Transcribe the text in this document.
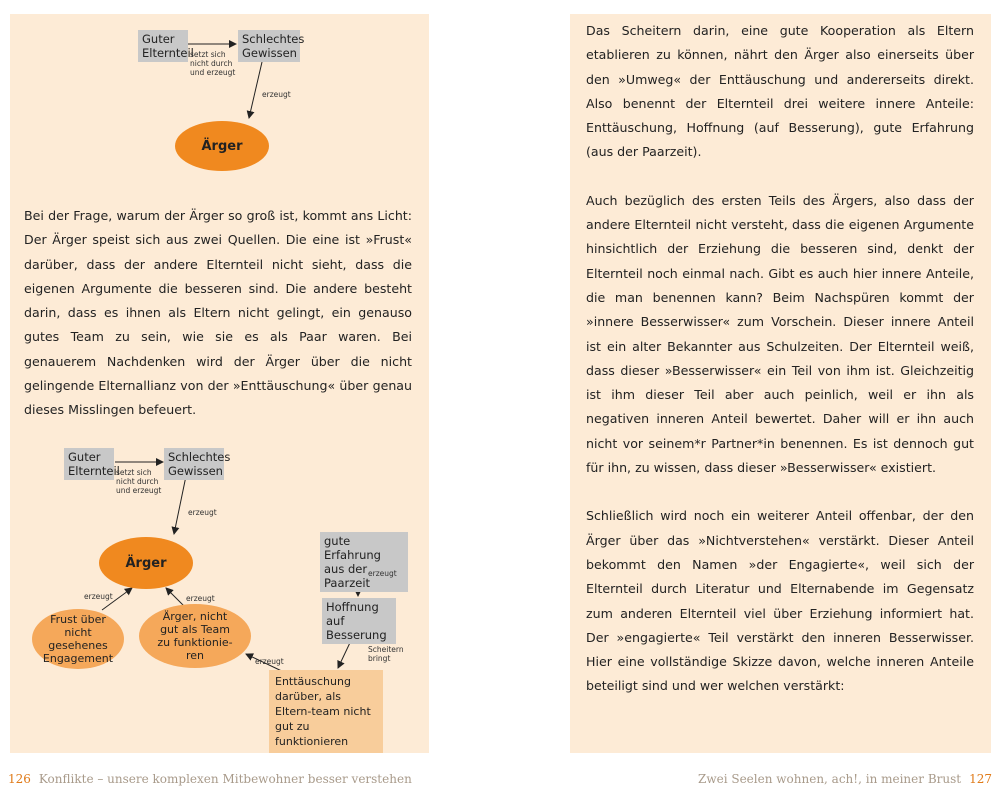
Guter Elternteil
Schlechtes Gewissen
setzt sich nicht durch und erzeugt
erzeugt
Ärger

Bei der Frage, warum der Ärger so groß ist, kommt ans Licht: Der Ärger speist sich aus zwei Quellen. Die eine ist »Frust« darüber, dass der andere Elternteil nicht sieht, dass die eigenen Argumente die besseren sind. Die andere besteht darin, dass es ihnen als Eltern nicht gelingt, ein genauso gutes Team zu sein, wie sie es als Paar waren. Bei genauerem Nachdenken wird der Ärger über die nicht gelingende Elternallianz von der »Enttäuschung« über genau dieses Misslingen befeuert.

Guter Elternteil
Schlechtes Gewissen
setzt sich nicht durch und erzeugt
erzeugt
Ärger
gute Erfahrung aus der Paarzeit
erzeugt
Hoffnung auf Besserung
Scheitern bringt
Enttäuschung darüber, als Eltern-team nicht gut zu funktionieren
erzeugt
erzeugt	erzeugt
Frust über nicht gesehenes Engagement
Ärger, nicht gut als Team zu funktionie-ren

Das Scheitern darin, eine gute Kooperation als Eltern etablieren zu können, nährt den Ärger also einerseits über den »Umweg« der Enttäuschung und andererseits direkt. Also benennt der Elternteil drei weitere innere Anteile: Enttäuschung, Hoffnung (auf Besserung), gute Erfahrung (aus der Paarzeit).

Auch bezüglich des ersten Teils des Ärgers, also dass der andere Elternteil nicht versteht, dass die eigenen Argumente hinsichtlich der Erziehung die besseren sind, denkt der Elternteil noch einmal nach. Gibt es auch hier innere Anteile, die man benennen kann? Beim Nachspüren kommt der »innere Besserwisser« zum Vorschein. Dieser innere Anteil ist ein alter Bekannter aus Schulzeiten. Der Elternteil weiß, dass dieser »Besserwisser« ein Teil von ihm ist. Gleichzeitig ist ihm dieser Teil aber auch peinlich, weil er ihn als negativen inneren Anteil bewertet. Daher will er ihn auch nicht vor seinem*r Partner*in benennen. Es ist dennoch gut für ihn, zu wissen, dass dieser »Besserwisser« existiert.

Schließlich wird noch ein weiterer Anteil offenbar, der den Ärger über das »Nichtverstehen« verstärkt. Dieser Anteil bekommt den Namen »der Engagierte«, weil sich der Elternteil durch Literatur und Elternabende im Gegensatz zum anderen Elternteil viel über Erziehung informiert hat. Der »engagierte« Teil verstärkt den inneren Besserwisser. Hier eine vollständige Skizze davon, welche inneren Anteile beteiligt sind und wer welchen verstärkt:

126 Konflikte – unsere komplexen Mitbewohner besser verstehen	Zwei Seelen wohnen, ach!, in meiner Brust 127
